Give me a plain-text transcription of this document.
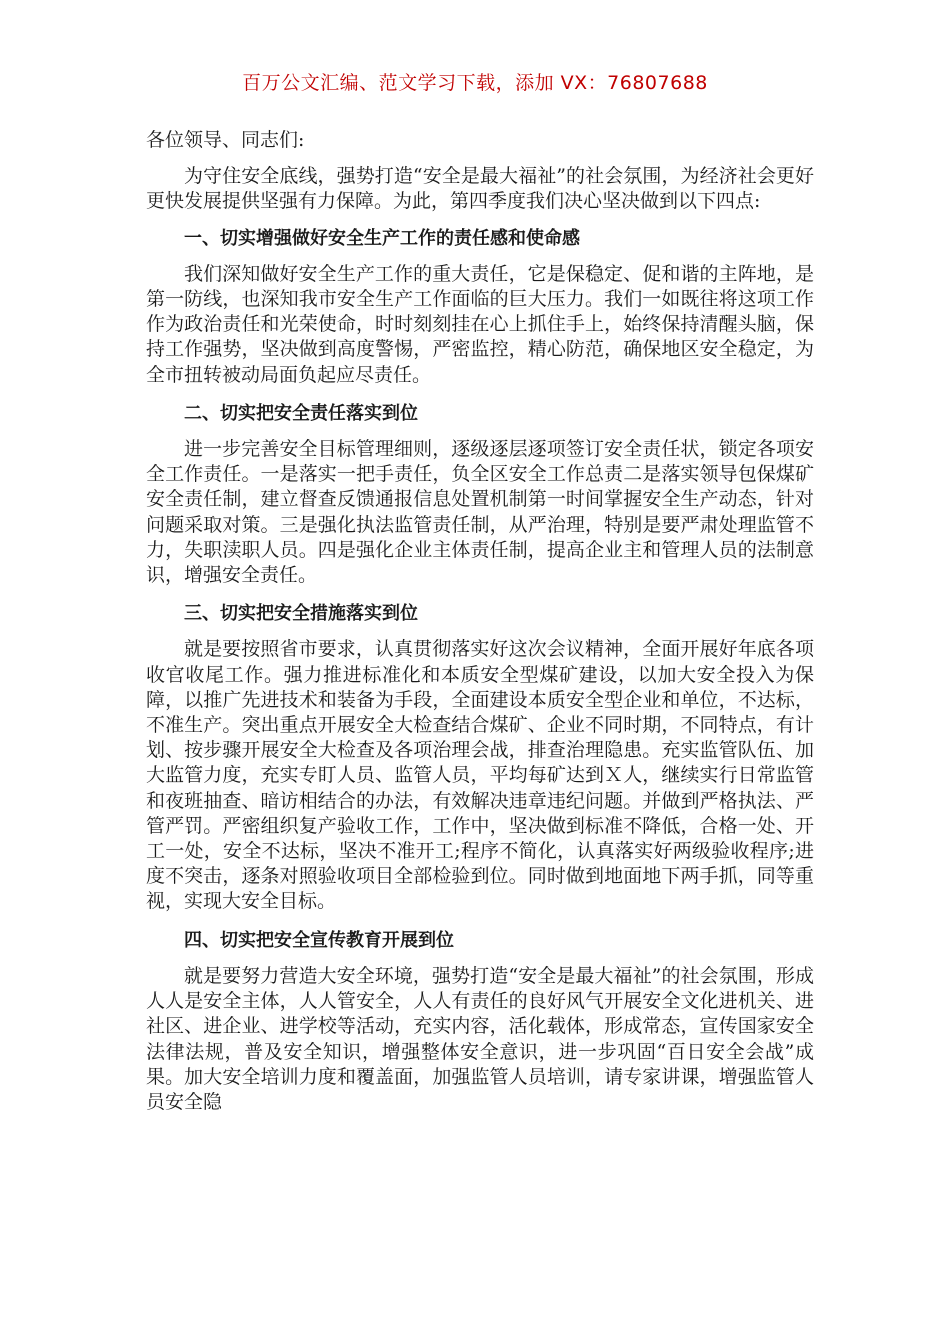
百万公文汇编、范文学习下载，添加 VX：76807688

各位领导、同志们:

为守住安全底线，强势打造“安全是最大福祉”的社会氛围，为经济社会更好更快发展提供坚强有力保障。为此，第四季度我们决心坚决做到以下四点:

一、切实增强做好安全生产工作的责任感和使命感

我们深知做好安全生产工作的重大责任，它是保稳定、促和谐的主阵地，是第一防线，也深知我市安全生产工作面临的巨大压力。我们一如既往将这项工作作为政治责任和光荣使命，时时刻刻挂在心上抓住手上，始终保持清醒头脑，保持工作强势，坚决做到高度警惕，严密监控，精心防范，确保地区安全稳定，为全市扭转被动局面负起应尽责任。

二、切实把安全责任落实到位

进一步完善安全目标管理细则，逐级逐层逐项签订安全责任状，锁定各项安全工作责任。一是落实一把手责任，负全区安全工作总责二是落实领导包保煤矿安全责任制，建立督查反馈通报信息处置机制第一时间掌握安全生产动态，针对问题采取对策。三是强化执法监管责任制，从严治理，特别是要严肃处理监管不力，失职渎职人员。四是强化企业主体责任制，提高企业主和管理人员的法制意识，增强安全责任。

三、切实把安全措施落实到位

就是要按照省市要求，认真贯彻落实好这次会议精神，全面开展好年底各项收官收尾工作。强力推进标准化和本质安全型煤矿建设，以加大安全投入为保障，以推广先进技术和装备为手段，全面建设本质安全型企业和单位，不达标，不准生产。突出重点开展安全大检查结合煤矿、企业不同时期，不同特点，有计划、按步骤开展安全大检查及各项治理会战，排查治理隐患。充实监管队伍、加大监管力度，充实专盯人员、监管人员，平均每矿达到Ｘ人，继续实行日常监管和夜班抽查、暗访相结合的办法，有效解决违章违纪问题。并做到严格执法、严管严罚。严密组织复产验收工作，工作中，坚决做到标准不降低，合格一处、开工一处，安全不达标，坚决不准开工;程序不简化，认真落实好两级验收程序;进度不突击，逐条对照验收项目全部检验到位。同时做到地面地下两手抓，同等重视，实现大安全目标。

四、切实把安全宣传教育开展到位

就是要努力营造大安全环境，强势打造“安全是最大福祉”的社会氛围，形成人人是安全主体，人人管安全，人人有责任的良好风气开展安全文化进机关、进社区、进企业、进学校等活动，充实内容，活化载体，形成常态，宣传国家安全法律法规，普及安全知识，增强整体安全意识，进一步巩固“百日安全会战”成果。加大安全培训力度和覆盖面，加强监管人员培训，请专家讲课，增强监管人员安全隐
